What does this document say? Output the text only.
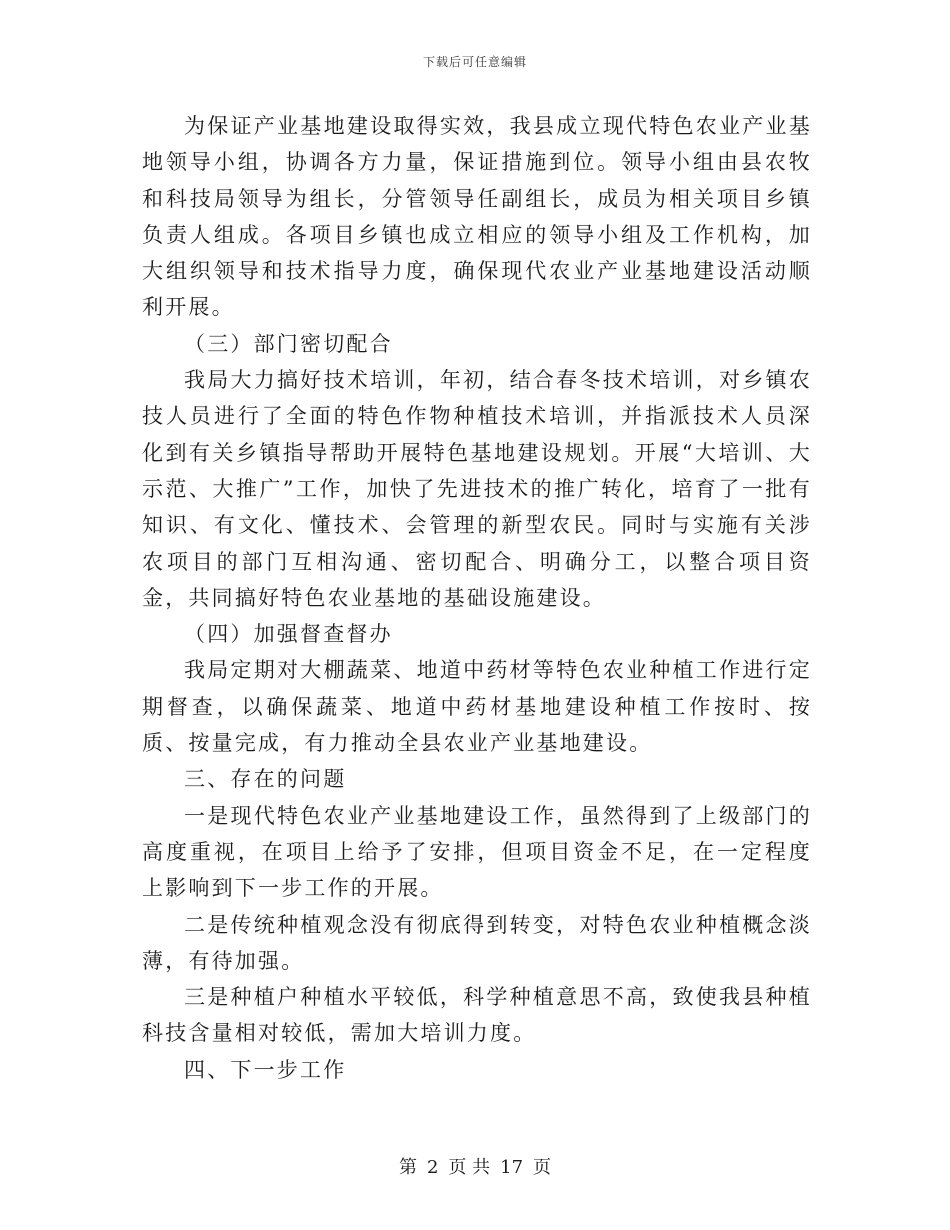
下载后可任意编辑

为保证产业基地建设取得实效，我县成立现代特色农业产业基地领导小组，协调各方力量，保证措施到位。领导小组由县农牧和科技局领导为组长，分管领导任副组长，成员为相关项目乡镇负责人组成。各项目乡镇也成立相应的领导小组及工作机构，加大组织领导和技术指导力度，确保现代农业产业基地建设活动顺利开展。

（三）部门密切配合

我局大力搞好技术培训，年初，结合春冬技术培训，对乡镇农技人员进行了全面的特色作物种植技术培训，并指派技术人员深化到有关乡镇指导帮助开展特色基地建设规划。开展“大培训、大示范、大推广”工作，加快了先进技术的推广转化，培育了一批有知识、有文化、懂技术、会管理的新型农民。同时与实施有关涉农项目的部门互相沟通、密切配合、明确分工，以整合项目资金，共同搞好特色农业基地的基础设施建设。

（四）加强督查督办

我局定期对大棚蔬菜、地道中药材等特色农业种植工作进行定期督查，以确保蔬菜、地道中药材基地建设种植工作按时、按质、按量完成，有力推动全县农业产业基地建设。

三、存在的问题

一是现代特色农业产业基地建设工作，虽然得到了上级部门的高度重视，在项目上给予了安排，但项目资金不足，在一定程度上影响到下一步工作的开展。

二是传统种植观念没有彻底得到转变，对特色农业种植概念淡薄，有待加强。

三是种植户种植水平较低，科学种植意思不高，致使我县种植科技含量相对较低，需加大培训力度。

四、下一步工作

第 2 页 共 17 页
